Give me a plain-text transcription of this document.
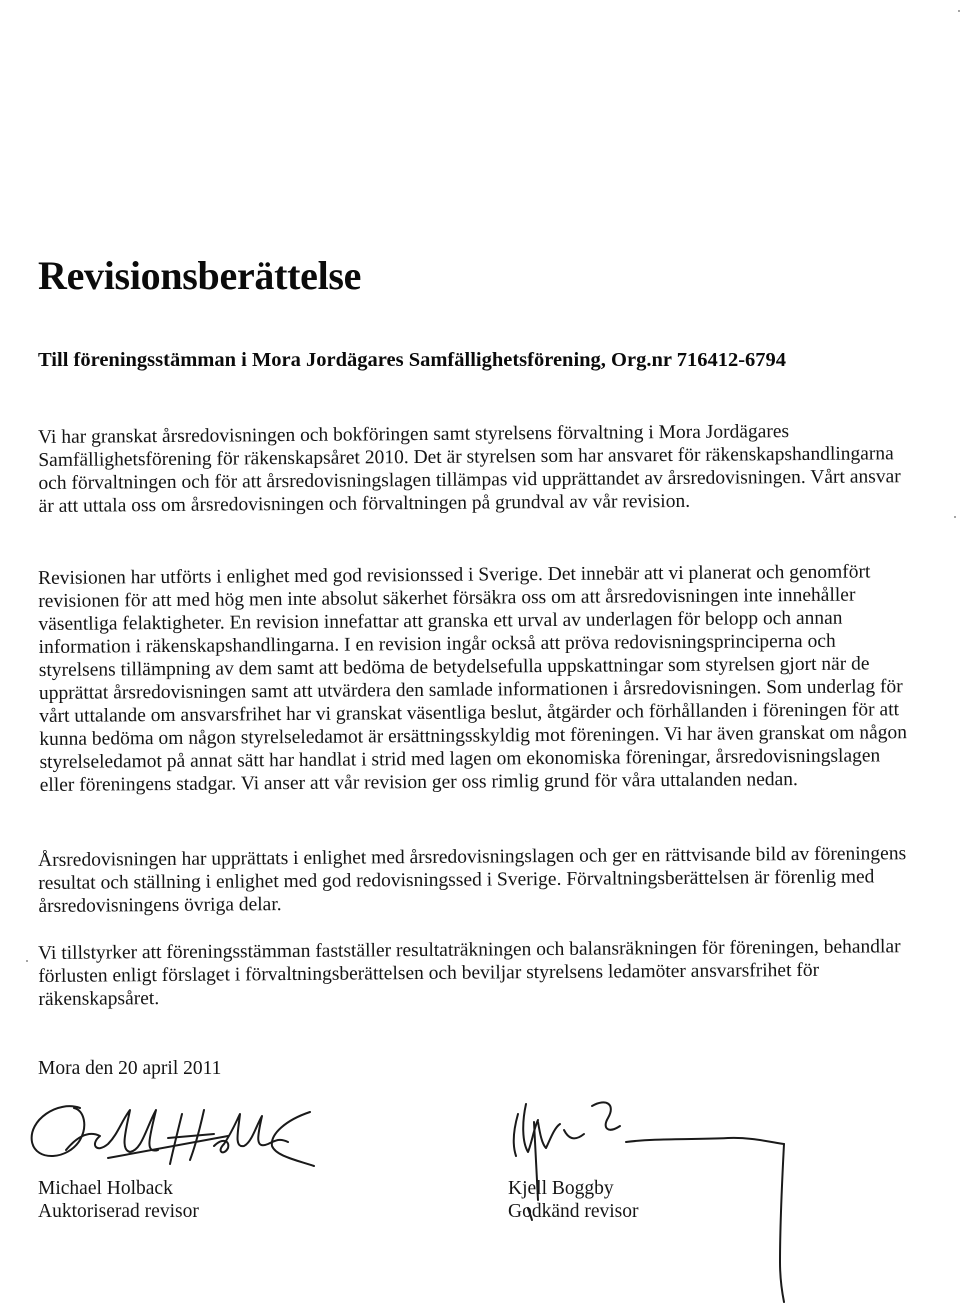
Revisionsberättelse

Till föreningsstämman i Mora Jordägares Samfällighetsförening, Org.nr 716412-6794

Vi har granskat årsredovisningen och bokföringen samt styrelsens förvaltning i Mora Jordägares Samfällighetsförening för räkenskapsåret 2010. Det är styrelsen som har ansvaret för räkenskapshandlingarna och förvaltningen och för att årsredovisningslagen tillämpas vid upprättandet av årsredovisningen. Vårt ansvar är att uttala oss om årsredovisningen och förvaltningen på grundval av vår revision.

Revisionen har utförts i enlighet med god revisionssed i Sverige. Det innebär att vi planerat och genomfört revisionen för att med hög men inte absolut säkerhet försäkra oss om att årsredovisningen inte innehåller väsentliga felaktigheter. En revision innefattar att granska ett urval av underlagen för belopp och annan information i räkenskapshandlingarna. I en revision ingår också att pröva redovisningsprinciperna och styrelsens tillämpning av dem samt att bedöma de betydelsefulla uppskattningar som styrelsen gjort när de upprättat årsredovisningen samt att utvärdera den samlade informationen i årsredovisningen. Som underlag för vårt uttalande om ansvarsfrihet har vi granskat väsentliga beslut, åtgärder och förhållanden i föreningen för att kunna bedöma om någon styrelseledamot är ersättningsskyldig mot föreningen. Vi har även granskat om någon styrelseledamot på annat sätt har handlat i strid med lagen om ekonomiska föreningar, årsredovisningslagen eller föreningens stadgar. Vi anser att vår revision ger oss rimlig grund för våra uttalanden nedan.

Årsredovisningen har upprättats i enlighet med årsredovisningslagen och ger en rättvisande bild av föreningens resultat och ställning i enlighet med god redovisningssed i Sverige. Förvaltningsberättelsen är förenlig med årsredovisningens övriga delar.

Vi tillstyrker att föreningsstämman fastställer resultaträkningen och balansräkningen för föreningen, behandlar förlusten enligt förslaget i förvaltningsberättelsen och beviljar styrelsens ledamöter ansvarsfrihet för räkenskapsåret.

Mora den 20 april 2011

Michael Holback

Auktoriserad revisor

Kjell Boggby

Godkänd revisor
